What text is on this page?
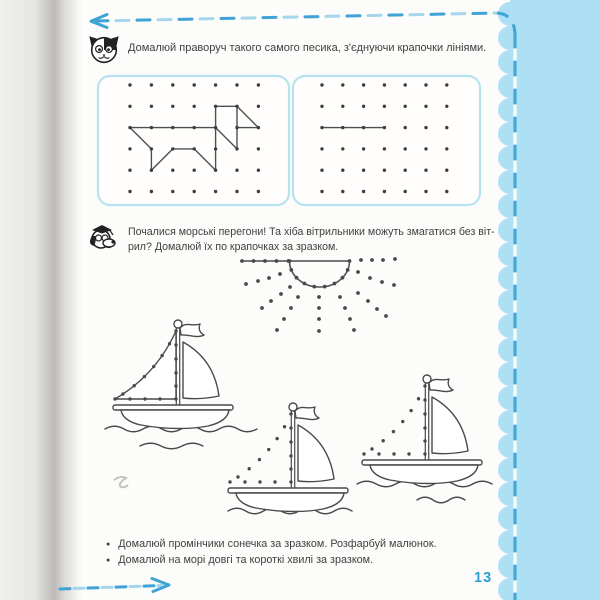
Домалюй праворуч такого самого песика, з'єднуючи крапочки лініями.
Почалися морські перегони! Та хіба вітрильники можуть змагатися без віт-
рил? Домалюй їх по крапочках за зразком.
● Домалюй промінчики сонечка за зразком. Розфарбуй малюнок.
● Домалюй на морі довгі та короткі хвилі за зразком.
13
